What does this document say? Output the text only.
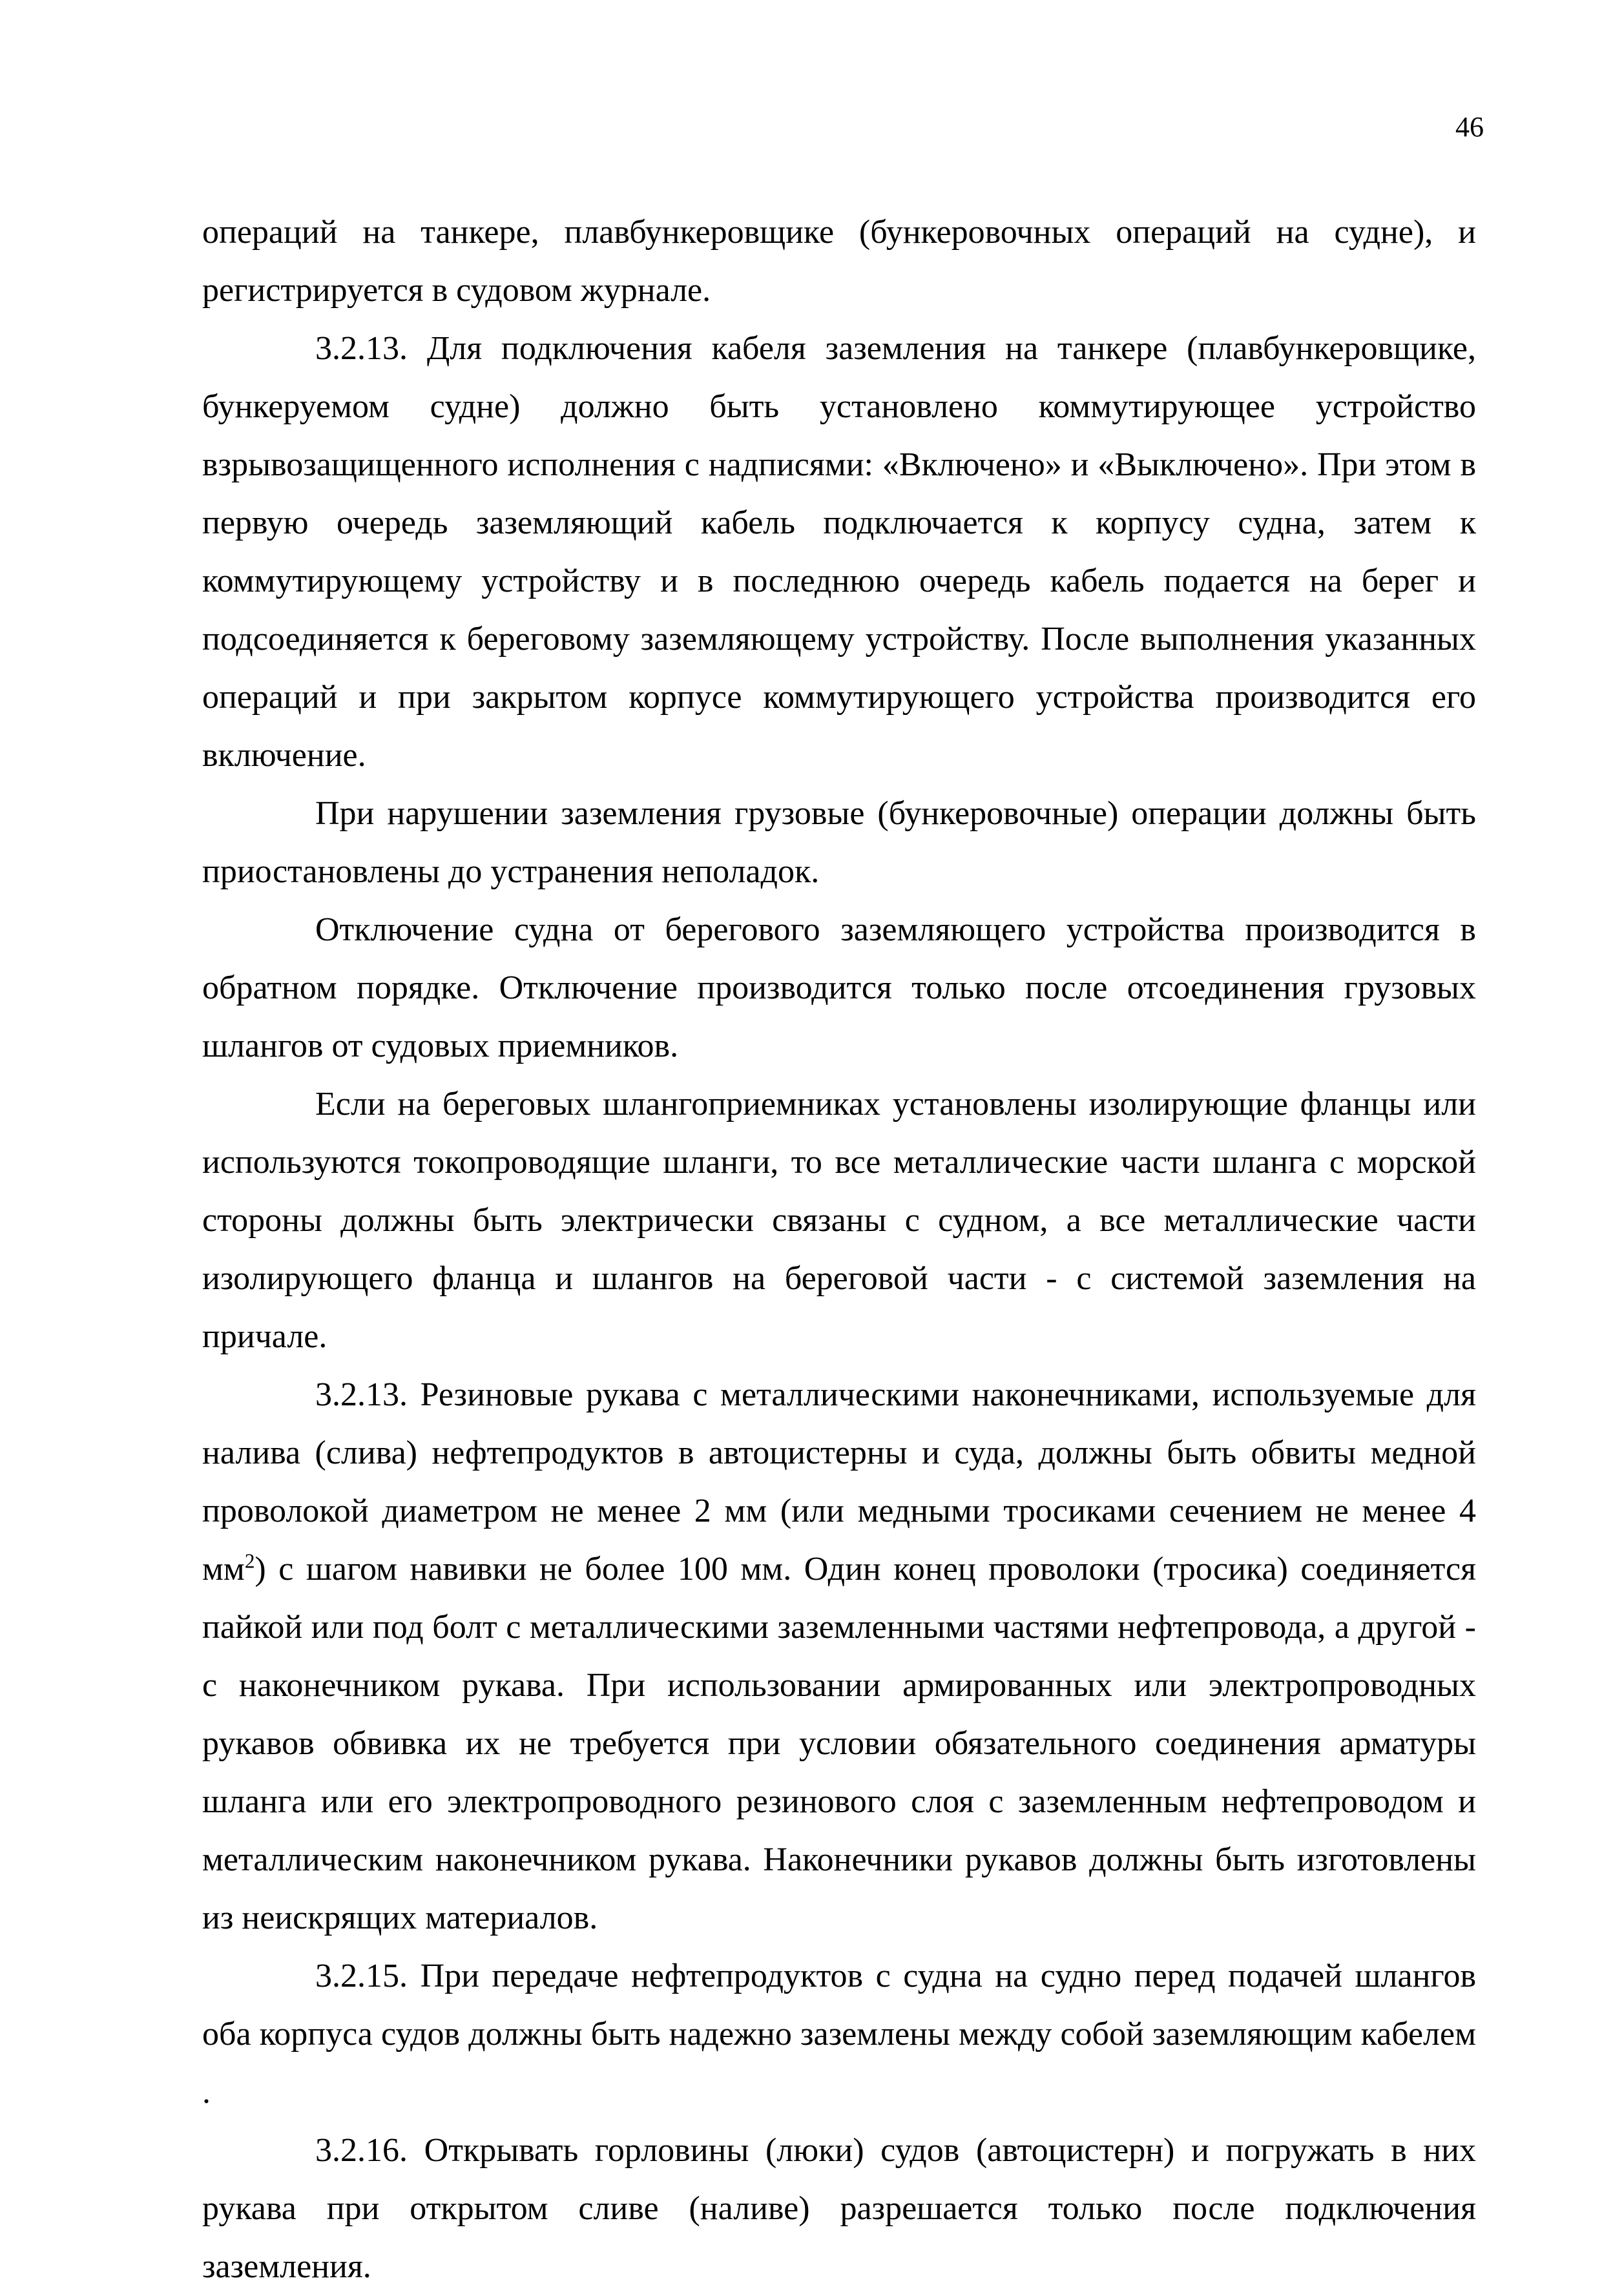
46

операций на танкере, плавбункеровщике (бункеровочных операций на судне), и регистрируется в судовом журнале.

3.2.13. Для подключения кабеля заземления на танкере (плавбункеровщике, бункеруемом судне) должно быть установлено коммутирующее устройство взрывозащищенного исполнения с надписями: «Включено» и «Выключено». При этом в первую очередь заземляющий кабель подключается к корпусу судна, затем к коммутирующему устройству и в последнюю очередь кабель подается на берег и подсоединяется к береговому заземляющему устройству. После выполнения указанных операций и при закрытом корпусе коммутирующего устройства производится его включение.

При нарушении заземления грузовые (бункеровочные) операции должны быть приостановлены до устранения неполадок.

Отключение судна от берегового заземляющего устройства производится в обратном порядке. Отключение производится только после отсоединения грузовых шлангов от судовых приемников.

Если на береговых шлангоприемниках установлены изолирующие фланцы или используются токопроводящие шланги, то все металлические части шланга с морской стороны должны быть электрически связаны с судном, а все металлические части изолирующего фланца и шлангов на береговой части - с системой заземления на причале.

3.2.13. Резиновые рукава с металлическими наконечниками, используемые для налива (слива) нефтепродуктов в автоцистерны и суда, должны быть обвиты медной проволокой диаметром не менее 2 мм (или медными тросиками сечением не менее 4 $мм^2$) с шагом навивки не более 100 мм. Один конец проволоки (тросика) соединяется пайкой или под болт с металлическими заземленными частями нефтепровода, а другой - с наконечником рукава. При использовании армированных или электропроводных рукавов обвивка их не требуется при условии обязательного соединения арматуры шланга или его электропроводного резинового слоя с заземленным нефтепроводом и металлическим наконечником рукава. Наконечники рукавов должны быть изготовлены из неискрящих материалов.

3.2.15. При передаче нефтепродуктов с судна на судно перед подачей шлангов оба корпуса судов должны быть надежно заземлены между собой заземляющим кабелем .

3.2.16. Открывать горловины (люки) судов (автоцистерн) и погружать в них рукава при открытом сливе (наливе) разрешается только после подключения заземления.
